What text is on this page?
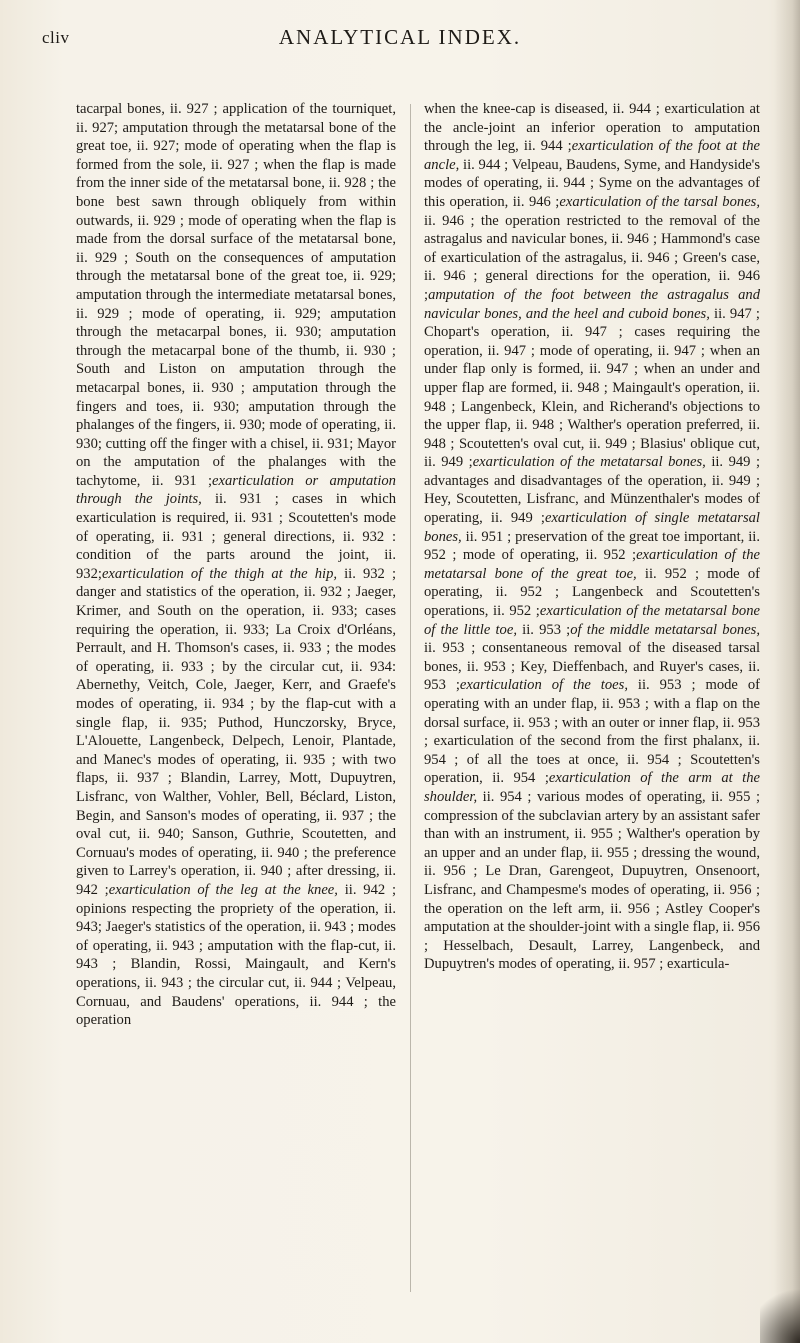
cliv	ANALYTICAL INDEX.

tacarpal bones, ii. 927 ; application of the tourniquet, ii. 927; amputation through the metatarsal bone of the great toe, ii. 927; mode of operating when the flap is formed from the sole, ii. 927 ; when the flap is made from the inner side of the metatarsal bone, ii. 928 ; the bone best sawn through obliquely from within outwards, ii. 929 ; mode of operating when the flap is made from the dorsal surface of the metatarsal bone, ii. 929 ; South on the consequences of amputation through the metatarsal bone of the great toe, ii. 929; amputation through the intermediate metatarsal bones, ii. 929 ; mode of operating, ii. 929; amputation through the metacarpal bones, ii. 930; amputation through the metacarpal bone of the thumb, ii. 930 ; South and Liston on amputation through the metacarpal bones, ii. 930 ; amputation through the fingers and toes, ii. 930; amputation through the phalanges of the fingers, ii. 930; mode of operating, ii. 930; cutting off the finger with a chisel, ii. 931; Mayor on the amputation of the phalanges with the tachytome, ii. 931 ;exarticulation or amputation through the joints, ii. 931 ; cases in which exarticulation is required, ii. 931 ; Scoutetten's mode of operating, ii. 931 ; general directions, ii. 932 : condition of the parts around the joint, ii. 932;exarticulation of the thigh at the hip, ii. 932 ; danger and statistics of the operation, ii. 932 ; Jaeger, Krimer, and South on the operation, ii. 933; cases requiring the operation, ii. 933; La Croix d'Orléans, Perrault, and H. Thomson's cases, ii. 933 ; the modes of operating, ii. 933 ; by the circular cut, ii. 934: Abernethy, Veitch, Cole, Jaeger, Kerr, and Graefe's modes of operating, ii. 934 ; by the flap-cut with a single flap, ii. 935; Puthod, Hunczorsky, Bryce, L'Alouette, Langenbeck, Delpech, Lenoir, Plantade, and Manec's modes of operating, ii. 935 ; with two flaps, ii. 937 ; Blandin, Larrey, Mott, Dupuytren, Lisfranc, von Walther, Vohler, Bell, Béclard, Liston, Begin, and Sanson's modes of operating, ii. 937 ; the oval cut, ii. 940; Sanson, Guthrie, Scoutetten, and Cornuau's modes of operating, ii. 940 ; the preference given to Larrey's operation, ii. 940 ; after dressing, ii. 942 ;exarticulation of the leg at the knee, ii. 942 ; opinions respecting the propriety of the operation, ii. 943; Jaeger's statistics of the operation, ii. 943 ; modes of operating, ii. 943 ; amputation with the flap-cut, ii. 943 ; Blandin, Rossi, Maingault, and Kern's operations, ii. 943 ; the circular cut, ii. 944 ; Velpeau, Cornuau, and Baudens' operations, ii. 944 ; the operation

when the knee-cap is diseased, ii. 944 ; exarticulation at the ancle-joint an inferior operation to amputation through the leg, ii. 944 ;exarticulation of the foot at the ancle, ii. 944 ; Velpeau, Baudens, Syme, and Handyside's modes of operating, ii. 944 ; Syme on the advantages of this operation, ii. 946 ;exarticulation of the tarsal bones, ii. 946 ; the operation restricted to the removal of the astragalus and navicular bones, ii. 946 ; Hammond's case of exarticulation of the astragalus, ii. 946 ; Green's case, ii. 946 ; general directions for the operation, ii. 946 ;amputation of the foot between the astragalus and navicular bones, and the heel and cuboid bones, ii. 947 ; Chopart's operation, ii. 947 ; cases requiring the operation, ii. 947 ; mode of operating, ii. 947 ; when an under flap only is formed, ii. 947 ; when an under and upper flap are formed, ii. 948 ; Maingault's operation, ii. 948 ; Langenbeck, Klein, and Richerand's objections to the upper flap, ii. 948 ; Walther's operation preferred, ii. 948 ; Scoutetten's oval cut, ii. 949 ; Blasius' oblique cut, ii. 949 ;exarticulation of the metatarsal bones, ii. 949 ; advantages and disadvantages of the operation, ii. 949 ; Hey, Scoutetten, Lisfranc, and Münzenthaler's modes of operating, ii. 949 ;exarticulation of single metatarsal bones, ii. 951 ; preservation of the great toe important, ii. 952 ; mode of operating, ii. 952 ;exarticulation of the metatarsal bone of the great toe, ii. 952 ; mode of operating, ii. 952 ; Langenbeck and Scoutetten's operations, ii. 952 ;exarticulation of the metatarsal bone of the little toe, ii. 953 ;of the middle metatarsal bones, ii. 953 ; consentaneous removal of the diseased tarsal bones, ii. 953 ; Key, Dieffenbach, and Ruyer's cases, ii. 953 ;exarticulation of the toes, ii. 953 ; mode of operating with an under flap, ii. 953 ; with a flap on the dorsal surface, ii. 953 ; with an outer or inner flap, ii. 953 ; exarticulation of the second from the first phalanx, ii. 954 ; of all the toes at once, ii. 954 ; Scoutetten's operation, ii. 954 ;exarticulation of the arm at the shoulder, ii. 954 ; various modes of operating, ii. 955 ; compression of the subclavian artery by an assistant safer than with an instrument, ii. 955 ; Walther's operation by an upper and an under flap, ii. 955 ; dressing the wound, ii. 956 ; Le Dran, Garengeot, Dupuytren, Onsenoort, Lisfranc, and Champesme's modes of operating, ii. 956 ; the operation on the left arm, ii. 956 ; Astley Cooper's amputation at the shoulder-joint with a single flap, ii. 956 ; Hesselbach, Desault, Larrey, Langenbeck, and Dupuytren's modes of operating, ii. 957 ; exarticula-
